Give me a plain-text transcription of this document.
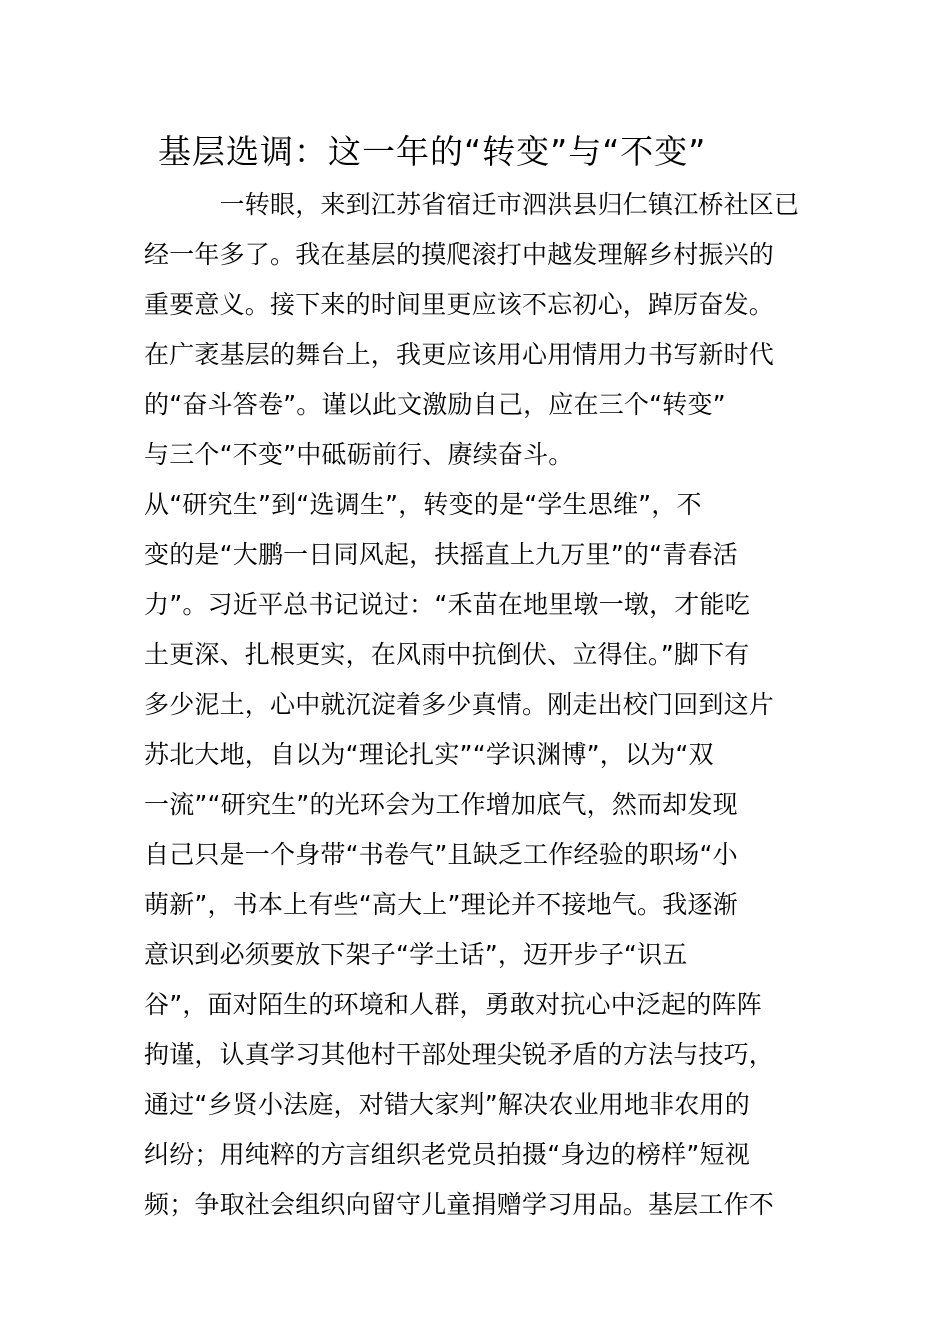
基层选调：这一年的“转变”与“不变”
　　　一转眼，来到江苏省宿迁市泗洪县归仁镇江桥社区已
经一年多了。我在基层的摸爬滚打中越发理解乡村振兴的
重要意义。接下来的时间里更应该不忘初心，踔厉奋发。
在广袤基层的舞台上，我更应该用心用情用力书写新时代
的“奋斗答卷”。谨以此文激励自己，应在三个“转变”
与三个“不变”中砥砺前行、赓续奋斗。
从“研究生”到“选调生”，转变的是“学生思维”，不
变的是“大鹏一日同风起，扶摇直上九万里”的“青春活
力”。习近平总书记说过：“禾苗在地里墩一墩，才能吃
土更深、扎根更实，在风雨中抗倒伏、立得住。”脚下有
多少泥土，心中就沉淀着多少真情。刚走出校门回到这片
苏北大地，自以为“理论扎实”“学识渊博”，以为“双
一流”“研究生”的光环会为工作增加底气，然而却发现
自己只是一个身带“书卷气”且缺乏工作经验的职场“小
萌新”，书本上有些“高大上”理论并不接地气。我逐渐
意识到必须要放下架子“学土话”，迈开步子“识五
谷”，面对陌生的环境和人群，勇敢对抗心中泛起的阵阵
拘谨，认真学习其他村干部处理尖锐矛盾的方法与技巧，
通过“乡贤小法庭，对错大家判”解决农业用地非农用的
纠纷；用纯粹的方言组织老党员拍摄“身边的榜样”短视
频；争取社会组织向留守儿童捐赠学习用品。基层工作不
